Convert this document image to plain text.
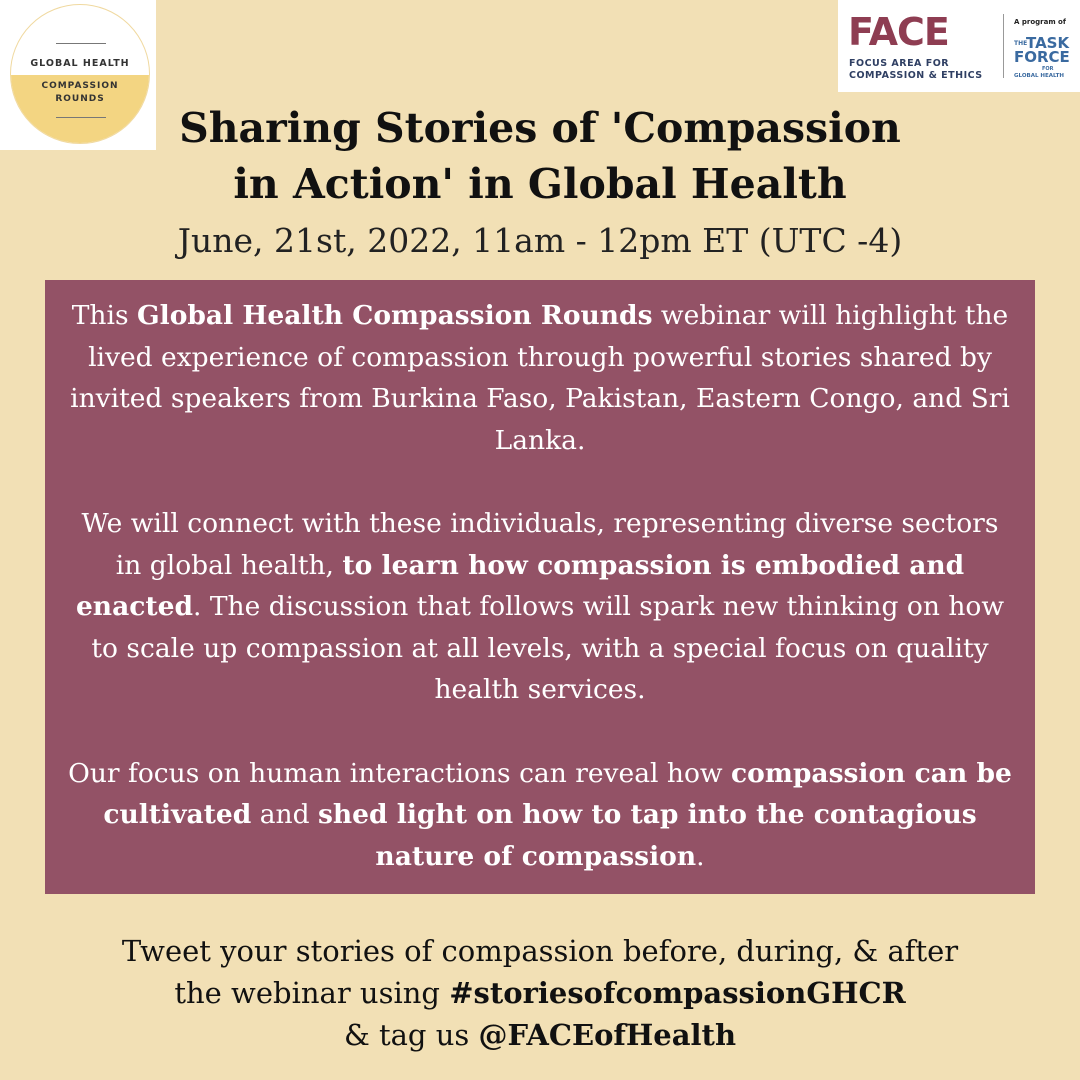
GLOBAL HEALTH
COMPASSION
ROUNDS
FACE
FOCUS AREA FOR
COMPASSION & ETHICS
A program of
THE
TASK
FORCE
FOR
GLOBAL HEALTH
Sharing Stories of 'Compassion
in Action' in Global Health
June, 21st, 2022, 11am - 12pm ET (UTC -4)

This Global Health Compassion Rounds webinar will highlight the lived experience of compassion through powerful stories shared by invited speakers from Burkina Faso, Pakistan, Eastern Congo, and Sri Lanka.

We will connect with these individuals, representing diverse sectors in global health, to learn how compassion is embodied and enacted. The discussion that follows will spark new thinking on how to scale up compassion at all levels, with a special focus on quality health services.

Our focus on human interactions can reveal how compassion can be cultivated and shed light on how to tap into the contagious nature of compassion.

Tweet your stories of compassion before, during, & after
the webinar using #storiesofcompassionGHCR
& tag us @FACEofHealth
